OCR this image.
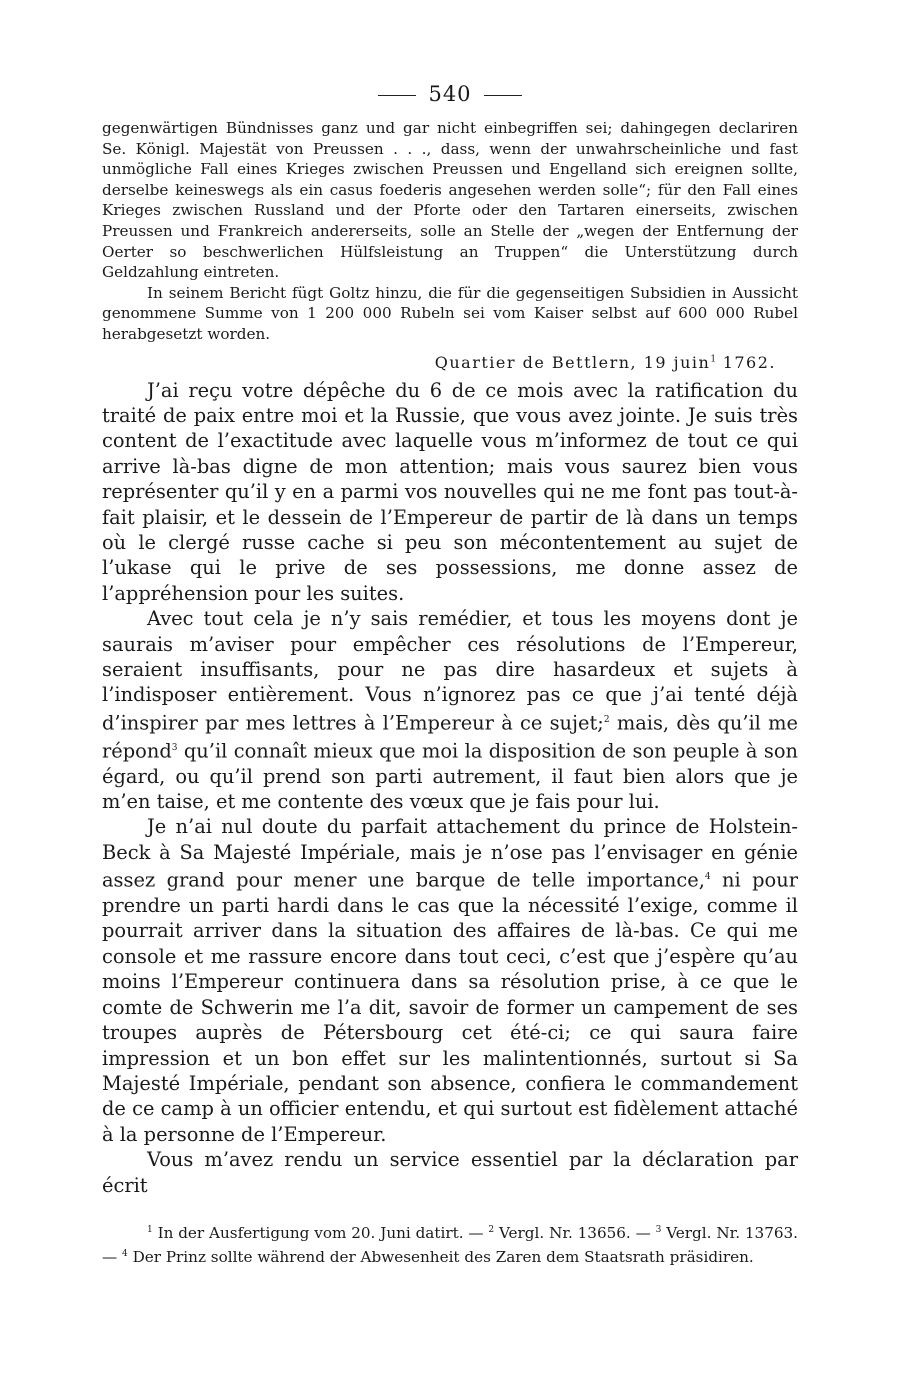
540

gegenwärtigen Bündnisses ganz und gar nicht einbegriffen sei; dahingegen declariren Se. Königl. Majestät von Preussen . . ., dass, wenn der unwahrscheinliche und fast unmögliche Fall eines Krieges zwischen Preussen und Engelland sich ereignen sollte, derselbe keineswegs als ein casus foederis angesehen werden solle“; für den Fall eines Krieges zwischen Russland und der Pforte oder den Tartaren einerseits, zwischen Preussen und Frankreich andererseits, solle an Stelle der „wegen der Entfernung der Oerter so beschwerlichen Hülfsleistung an Truppen“ die Unterstützung durch Geldzahlung eintreten.

In seinem Bericht fügt Goltz hinzu, die für die gegenseitigen Subsidien in Aussicht genommene Summe von 1 200 000 Rubeln sei vom Kaiser selbst auf 600 000 Rubel herabgesetzt worden.

Quartier de Bettlern, 19 juin$^1$ 1762.

J’ai reçu votre dépêche du 6 de ce mois avec la ratification du traité de paix entre moi et la Russie, que vous avez jointe. Je suis très content de l’exactitude avec laquelle vous m’informez de tout ce qui arrive là-bas digne de mon attention; mais vous saurez bien vous représenter qu’il y en a parmi vos nouvelles qui ne me font pas tout-à-fait plaisir, et le dessein de l’Empereur de partir de là dans un temps où le clergé russe cache si peu son mécontentement au sujet de l’ukase qui le prive de ses possessions, me donne assez de l’appréhension pour les suites.

Avec tout cela je n’y sais remédier, et tous les moyens dont je saurais m’aviser pour empêcher ces résolutions de l’Empereur, seraient insuffisants, pour ne pas dire hasardeux et sujets à l’indisposer entièrement. Vous n’ignorez pas ce que j’ai tenté déjà d’inspirer par mes lettres à l’Empereur à ce sujet;$^2$ mais, dès qu’il me répond$^3$ qu’il connaît mieux que moi la disposition de son peuple à son égard, ou qu’il prend son parti autrement, il faut bien alors que je m’en taise, et me contente des vœux que je fais pour lui.

Je n’ai nul doute du parfait attachement du prince de Holstein-Beck à Sa Majesté Impériale, mais je n’ose pas l’envisager en génie assez grand pour mener une barque de telle importance,$^4$ ni pour prendre un parti hardi dans le cas que la nécessité l’exige, comme il pourrait arriver dans la situation des affaires de là-bas. Ce qui me console et me rassure encore dans tout ceci, c’est que j’espère qu’au moins l’Empereur continuera dans sa résolution prise, à ce que le comte de Schwerin me l’a dit, savoir de former un campement de ses troupes auprès de Pétersbourg cet été-ci; ce qui saura faire impression et un bon effet sur les malintentionnés, surtout si Sa Majesté Impériale, pendant son absence, confiera le commandement de ce camp à un officier entendu, et qui surtout est fidèlement attaché à la personne de l’Empereur.

Vous m’avez rendu un service essentiel par la déclaration par écrit

$^1$ In der Ausfertigung vom 20. Juni datirt. — $^2$ Vergl. Nr. 13656. — $^3$ Vergl. Nr. 13763. — $^4$ Der Prinz sollte während der Abwesenheit des Zaren dem Staatsrath präsidiren.
